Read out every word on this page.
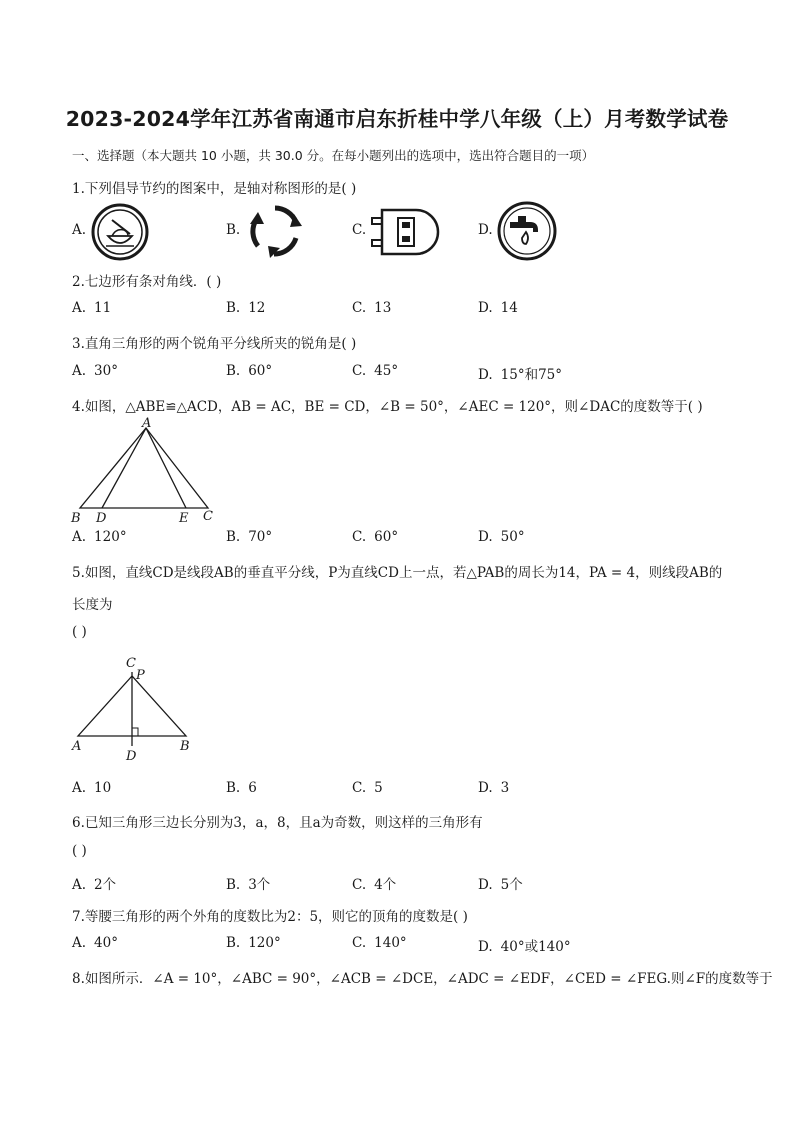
2023-2024学年江苏省南通市启东折桂中学八年级（上）月考数学试卷
一、选择题（本大题共 10 小题，共 30.0 分。在每小题列出的选项中，选出符合题目的一项）
1.下列倡导节约的图案中，是轴对称图形的是( )
A.	B.	C.	D.
2.七边形有条对角线．( )
A. 11	B. 12	C. 13	D. 14
3.直角三角形的两个锐角平分线所夹的锐角是( )
A. 30°	B. 60°	C. 45°	D. 15°和75°
4.如图，△ABE≌△ACD，AB = AC，BE = CD，∠B = 50°，∠AEC = 120°，则∠DAC的度数等于( )
A
B D	E C
A. 120°	B. 70°	C. 60°	D. 50°
5.如图，直线CD是线段AB的垂直平分线，P为直线CD上一点，若△PAB的周长为14，PA = 4，则线段AB的
长度为
( )
C
P
A
D
B
A. 10	B. 6	C. 5	D. 3
6.已知三角形三边长分别为3，a，8，且a为奇数，则这样的三角形有
( )
A. 2个	B. 3个	C. 4个	D. 5个
7.等腰三角形的两个外角的度数比为2：5，则它的顶角的度数是( )
A. 40°	B. 120°	C. 140°	D. 40°或140°
8.如图所示．∠A = 10°，∠ABC = 90°，∠ACB = ∠DCE，∠ADC = ∠EDF，∠CED = ∠FEG.则∠F的度数等于
